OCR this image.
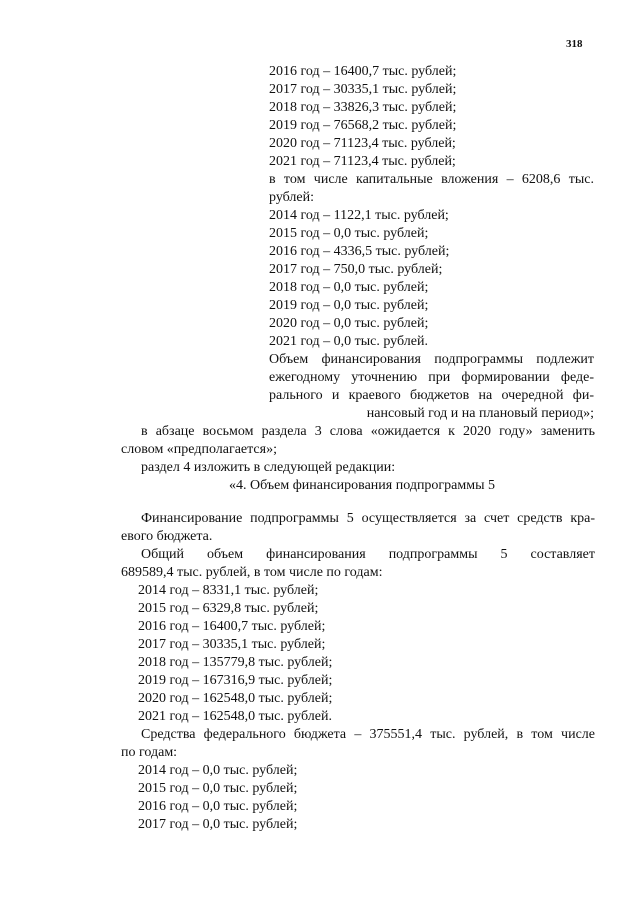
318
2016 год – 16400,7 тыс. рублей;
2017 год – 30335,1 тыс. рублей;
2018 год – 33826,3 тыс. рублей;
2019 год – 76568,2 тыс. рублей;
2020 год – 71123,4 тыс. рублей;
2021 год – 71123,4 тыс. рублей;
в том числе капитальные вложения – 6208,6 тыс.
рублей:
2014 год – 1122,1 тыс. рублей;
2015 год – 0,0 тыс. рублей;
2016 год – 4336,5 тыс. рублей;
2017 год – 750,0 тыс. рублей;
2018 год – 0,0 тыс. рублей;
2019 год – 0,0 тыс. рублей;
2020 год – 0,0 тыс. рублей;
2021 год – 0,0 тыс. рублей.
Объем финансирования подпрограммы подлежит
ежегодному уточнению при формировании феде-
рального и краевого бюджетов на очередной фи-
нансовый год и на плановый период»;
в абзаце восьмом раздела 3 слова «ожидается к 2020 году» заменить
словом «предполагается»;
раздел 4 изложить в следующей редакции:
«4. Объем финансирования подпрограммы 5
Финансирование подпрограммы 5 осуществляется за счет средств кра-
евого бюджета.
Общий объем финансирования подпрограммы 5 составляет
689589,4 тыс. рублей, в том числе по годам:
2014 год – 8331,1 тыс. рублей;
2015 год – 6329,8 тыс. рублей;
2016 год – 16400,7 тыс. рублей;
2017 год – 30335,1 тыс. рублей;
2018 год – 135779,8 тыс. рублей;
2019 год – 167316,9 тыс. рублей;
2020 год – 162548,0 тыс. рублей;
2021 год – 162548,0 тыс. рублей.
Средства федерального бюджета – 375551,4 тыс. рублей, в том числе
по годам:
2014 год – 0,0 тыс. рублей;
2015 год – 0,0 тыс. рублей;
2016 год – 0,0 тыс. рублей;
2017 год – 0,0 тыс. рублей;
